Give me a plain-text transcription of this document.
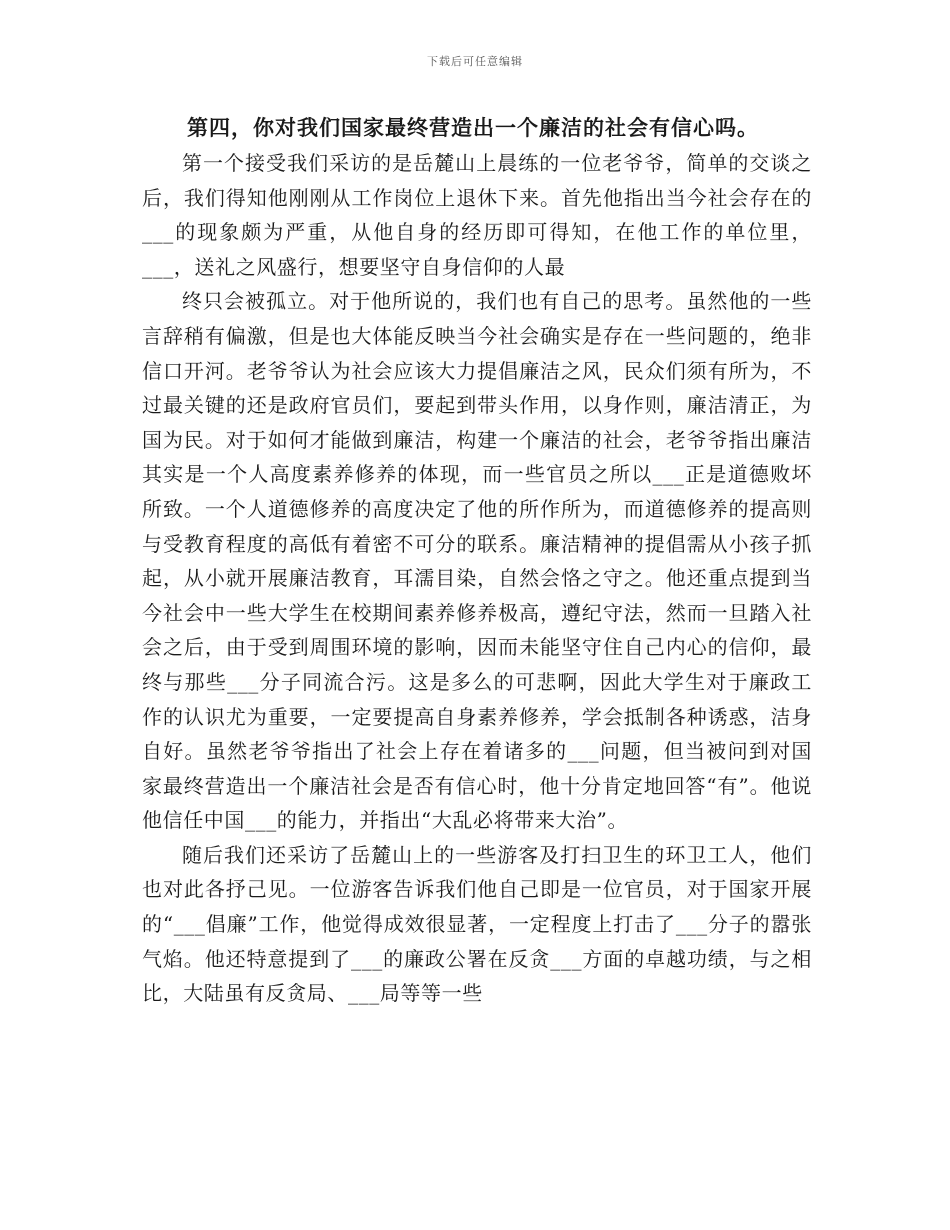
下载后可任意编辑
第四，你对我们国家最终营造出一个廉洁的社会有信心吗。

第一个接受我们采访的是岳麓山上晨练的一位老爷爷，简单的交谈之后，我们得知他刚刚从工作岗位上退休下来。首先他指出当今社会存在的___的现象颇为严重，从他自身的经历即可得知，在他工作的单位里，___，送礼之风盛行，想要坚守自身信仰的人最

终只会被孤立。对于他所说的，我们也有自己的思考。虽然他的一些言辞稍有偏激，但是也大体能反映当今社会确实是存在一些问题的，绝非信口开河。老爷爷认为社会应该大力提倡廉洁之风，民众们须有所为，不过最关键的还是政府官员们，要起到带头作用，以身作则，廉洁清正，为国为民。对于如何才能做到廉洁，构建一个廉洁的社会，老爷爷指出廉洁其实是一个人高度素养修养的体现，而一些官员之所以___正是道德败坏所致。一个人道德修养的高度决定了他的所作所为，而道德修养的提高则与受教育程度的高低有着密不可分的联系。廉洁精神的提倡需从小孩子抓起，从小就开展廉洁教育，耳濡目染，自然会恪之守之。他还重点提到当今社会中一些大学生在校期间素养修养极高，遵纪守法，然而一旦踏入社会之后，由于受到周围环境的影响，因而未能坚守住自己内心的信仰，最终与那些___分子同流合污。这是多么的可悲啊，因此大学生对于廉政工作的认识尤为重要，一定要提高自身素养修养，学会抵制各种诱惑，洁身自好。虽然老爷爷指出了社会上存在着诸多的___问题，但当被问到对国家最终营造出一个廉洁社会是否有信心时，他十分肯定地回答“有”。他说他信任中国___的能力，并指出“大乱必将带来大治”。

随后我们还采访了岳麓山上的一些游客及打扫卫生的环卫工人，他们也对此各抒己见。一位游客告诉我们他自己即是一位官员，对于国家开展的“___倡廉”工作，他觉得成效很显著，一定程度上打击了___分子的嚣张气焰。他还特意提到了___的廉政公署在反贪___方面的卓越功绩，与之相比，大陆虽有反贪局、___局等等一些
